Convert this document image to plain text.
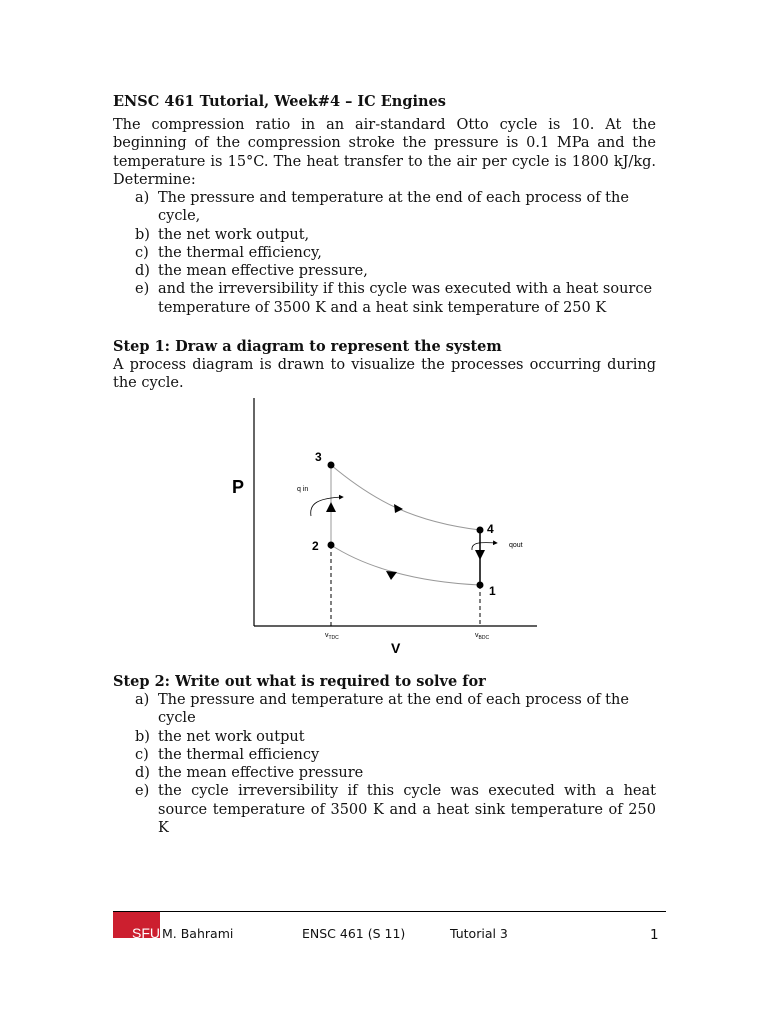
ENSC 461 Tutorial, Week#4 – IC Engines
The compression ratio in an air-standard Otto cycle is 10. At the
beginning of the compression stroke the pressure is 0.1 MPa and the
temperature is 15°C. The heat transfer to the air per cycle is 1800 kJ/kg.
Determine:
a) The pressure and temperature at the end of each process of the
cycle,
b) the net work output,
c) the thermal efficiency,
d) the mean effective pressure,
e) and the irreversibility if this cycle was executed with a heat source
temperature of 3500 K and a heat sink temperature of 250 K
Step 1: Draw a diagram to represent the system
A process diagram is drawn to visualize the processes occurring during
the cycle.
P
V
3
2
4
1
q in
qout
$v_{TDC}$	$v_{BDC}$
Step 2: Write out what is required to solve for
a) The pressure and temperature at the end of each process of the
cycle
b) the net work output
c) the thermal efficiency
d) the mean effective pressure
e) the cycle irreversibility if this cycle was executed with a heat
source temperature of 3500 K and a heat sink temperature of 250
K
SFU M. Bahrami	ENSC 461 (S 11)	Tutorial 3	1
